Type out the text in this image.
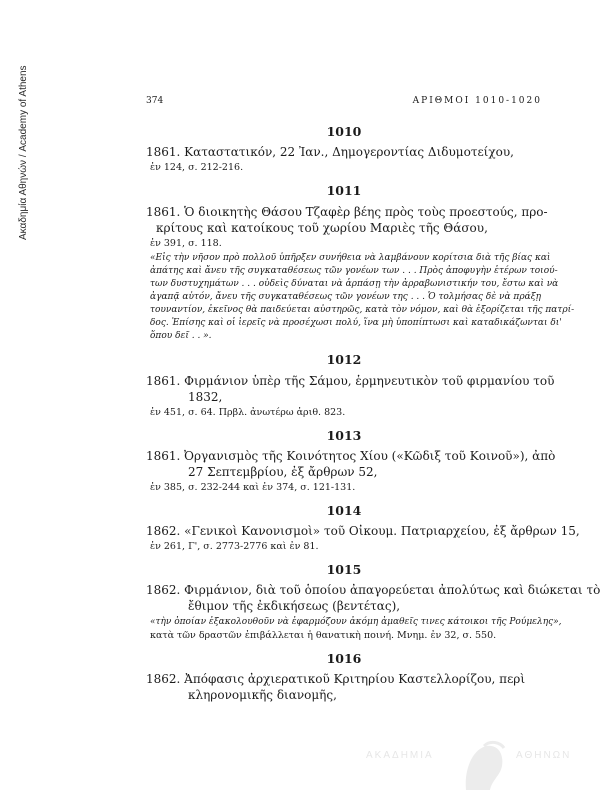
Ακαδημία Αθηνών / Academy of Athens	374	ΑΡΙΘΜΟΙ 1010-1020
1010
1861. Καταστατικόν, 22 Ἰαν., Δημογεροντίας Διδυμοτείχου,
ἐν 124, σ. 212-216.
1011
1861. Ὁ διοικητὴς Θάσου Τζαφὲρ βέης πρὸς τοὺς προεστούς, προ-
κρίτους καὶ κατοίκους τοῦ χωρίου Μαριὲς τῆς Θάσου,
ἐν 391, σ. 118.
«Εἰς τὴν νῆσον πρὸ πολλοῦ ὑπῆρξεν συνήθεια νὰ λαμβάνουν κορίτσια διὰ τῆς βίας καὶ
ἀπάτης καὶ ἄνευ τῆς συγκαταθέσεως τῶν γονέων των . . . Πρὸς ἀποφυγὴν ἑτέρων τοιού-
των δυστυχημάτων . . . οὐδεὶς δύναται νὰ ἁρπάσῃ τὴν ἀρραβωνιστικήν του, ἔστω καὶ νὰ
ἀγαπᾷ αὐτόν, ἄνευ τῆς συγκαταθέσεως τῶν γονέων της . . . Ὁ τολμήσας δὲ νὰ πράξῃ
τουναντίον, ἐκεῖνος θὰ παιδεύεται αὐστηρῶς, κατὰ τὸν νόμον, καὶ θὰ ἐξορίζεται τῆς πατρί-
δος. Ἐπίσης καὶ οἱ ἱερεῖς νὰ προσέχωσι πολύ, ἵνα μὴ ὑποπίπτωσι καὶ καταδικάζωνται δι'
ὅπου δεῖ . . ».
1012
1861. Φιρμάνιον ὑπὲρ τῆς Σάμου, ἑρμηνευτικὸν τοῦ φιρμανίου τοῦ
1832,
ἐν 451, σ. 64. Πρβλ. ἀνωτέρω ἀριθ. 823.
1013
1861. Ὀργανισμὸς τῆς Κοινότητος Χίου («Κῶδιξ τοῦ Κοινοῦ»), ἀπὸ
27 Σεπτεμβρίου, ἐξ ἄρθρων 52,
ἐν 385, σ. 232-244 καὶ ἐν 374, σ. 121-131.
1014
1862. «Γενικοὶ Κανονισμοὶ» τοῦ Οἰκουμ. Πατριαρχείου, ἐξ ἄρθρων 15,
ἐν 261, Γ', σ. 2773-2776 καὶ ἐν 81.
1015
1862. Φιρμάνιον, διὰ τοῦ ὁποίου ἀπαγορεύεται ἀπολύτως καὶ διώκεται τὸ
ἔθιμον τῆς ἐκδικήσεως (βεντέτας),
«τὴν ὁποίαν ἐξακολουθοῦν νὰ ἐφαρμόζουν ἀκόμη ἀμαθεῖς τινες κάτοικοι τῆς Ρούμελης»,
κατὰ τῶν δραστῶν ἐπιβάλλεται ἡ θανατικὴ ποινή. Μνημ. ἐν 32, σ. 550.
1016
1862. Ἀπόφασις ἀρχιερατικοῦ Κριτηρίου Καστελλορίζου, περὶ
κληρονομικῆς διανομῆς,
ΑΚΑΔΗΜΙΑ	ΑΘΗΝΩΝ
